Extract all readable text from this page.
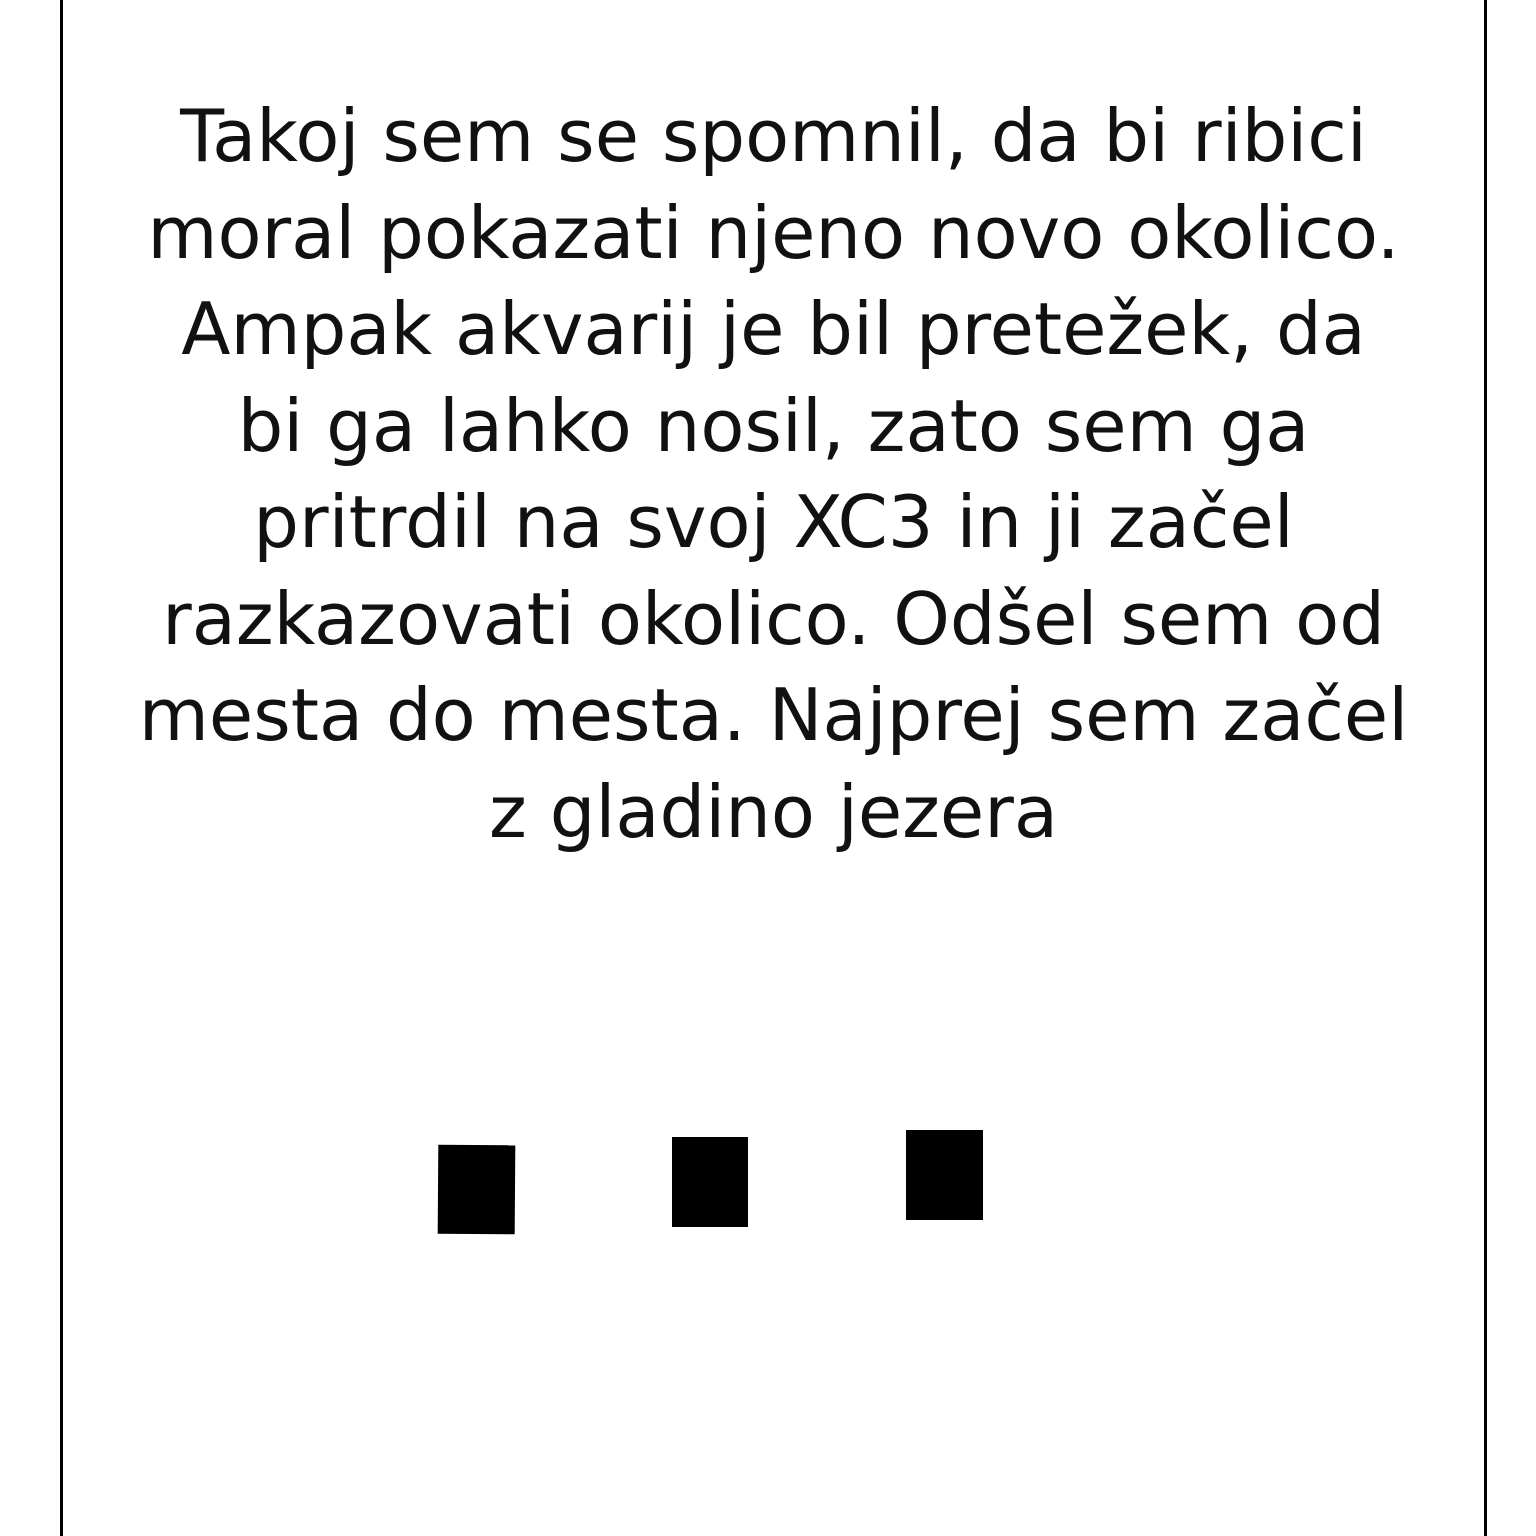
Takoj sem se spomnil, da bi ribici
moral pokazati njeno novo okolico.
Ampak akvarij je bil pretežek, da
bi ga lahko nosil, zato sem ga
pritrdil na svoj XC3 in ji začel
razkazovati okolico. Odšel sem od
mesta do mesta. Najprej sem začel
z gladino jezera
